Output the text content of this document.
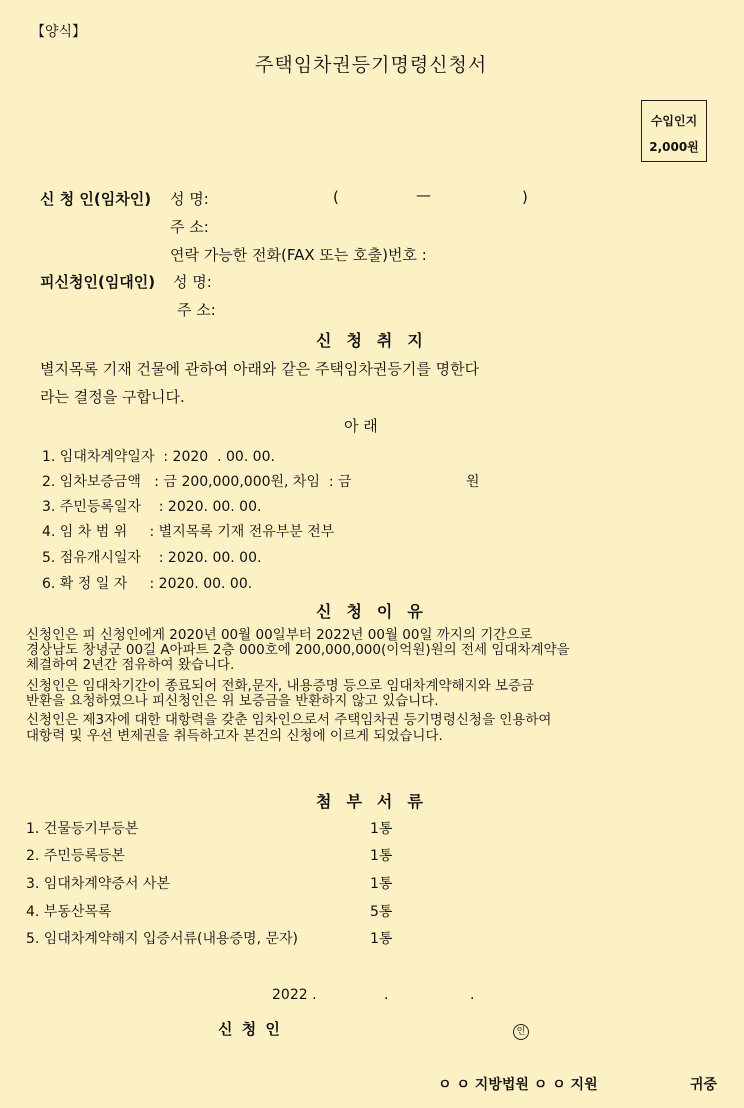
【양식】
주택임차권등기명령신청서
수입인지
2,000원
신 청 인(임차인) 성 명:	(	—	)
주 소:
연락 가능한 전화(FAX 또는 호출)번호 :
피신청인(임대인) 성 명:
주 소:
신청취지
별지목록 기재 건물에 관하여 아래와 같은 주택임차권등기를 명한다
라는 결정을 구합니다.
아 래
1. 임대차계약일자  : 2020  . 00. 00.
2. 임차보증금액   : 금 200,000,000원, 차임  : 금	원
3. 주민등록일자    : 2020. 00. 00.
4. 임 차 범 위     : 별지목록 기재 전유부분 전부
5. 점유개시일자    : 2020. 00. 00.
6. 확 정 일 자     : 2020. 00. 00.
신청이유
신청인은 피 신청인에게 2020년 00월 00일부터 2022년 00월 00일 까지의 기간으로
경상남도 창녕군 00길 A아파트 2층 000호에 200,000,000(이억원)원의 전세 임대차계약을
체결하여 2년간 점유하여 왔습니다.
신청인은 임대차기간이 종료되어 전화,문자, 내용증명 등으로 임대차계약해지와 보증금
반환을 요청하였으나 피신청인은 위 보증금을 반환하지 않고 있습니다.
신청인은 제3자에 대한 대항력을 갖춘 임차인으로서 주택임차권 등기명령신청을 인용하여
대항력 및 우선 변제권을 취득하고자 본건의 신청에 이르게 되었습니다.
첨부서류
1. 건물등기부등본	1통
2. 주민등록등본	1통
3. 임대차계약증서 사본	1통
4. 부동산목록	5통
5. 임대차계약해지 입증서류(내용증명, 문자)	1통
2022 .	.	.
신 청 인	인
ㅇ ㅇ 지방법원 ㅇ ㅇ 지원	귀중
